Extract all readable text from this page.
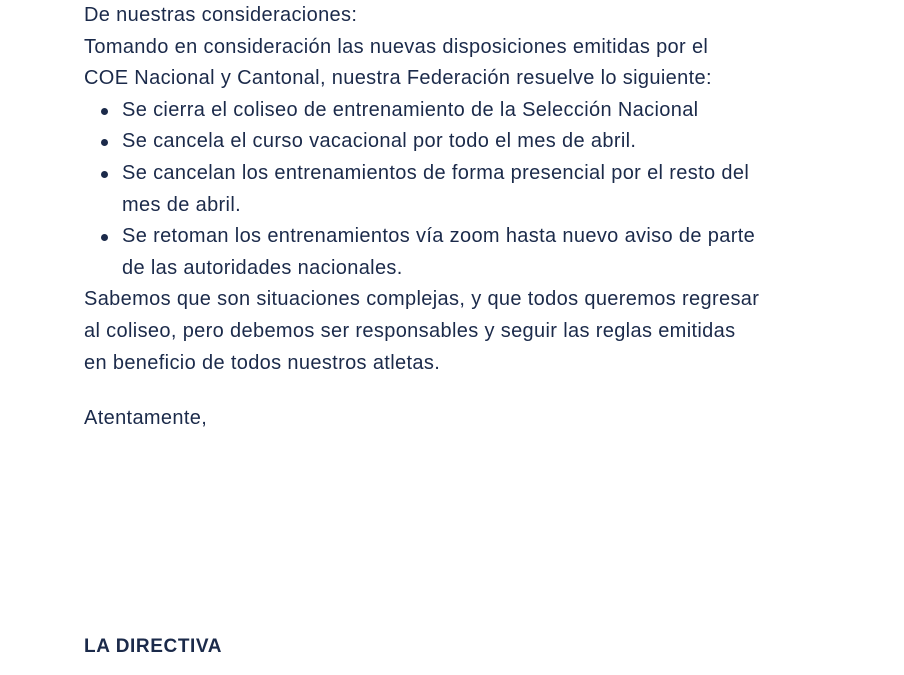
De nuestras consideraciones:

Tomando en consideración las nuevas disposiciones emitidas por el

COE Nacional y Cantonal, nuestra Federación resuelve lo siguiente:

Se cierra el coliseo de entrenamiento de la Selección Nacional
Se cancela el curso vacacional por todo el mes de abril.
Se cancelan los entrenamientos de forma presencial por el resto del
mes de abril.
Se retoman los entrenamientos vía zoom hasta nuevo aviso de parte
de las autoridades nacionales.

Sabemos que son situaciones complejas, y que todos queremos regresar

al coliseo, pero debemos ser responsables y seguir las reglas emitidas

en beneficio de todos nuestros atletas.

Atentamente,
LA DIRECTIVA
